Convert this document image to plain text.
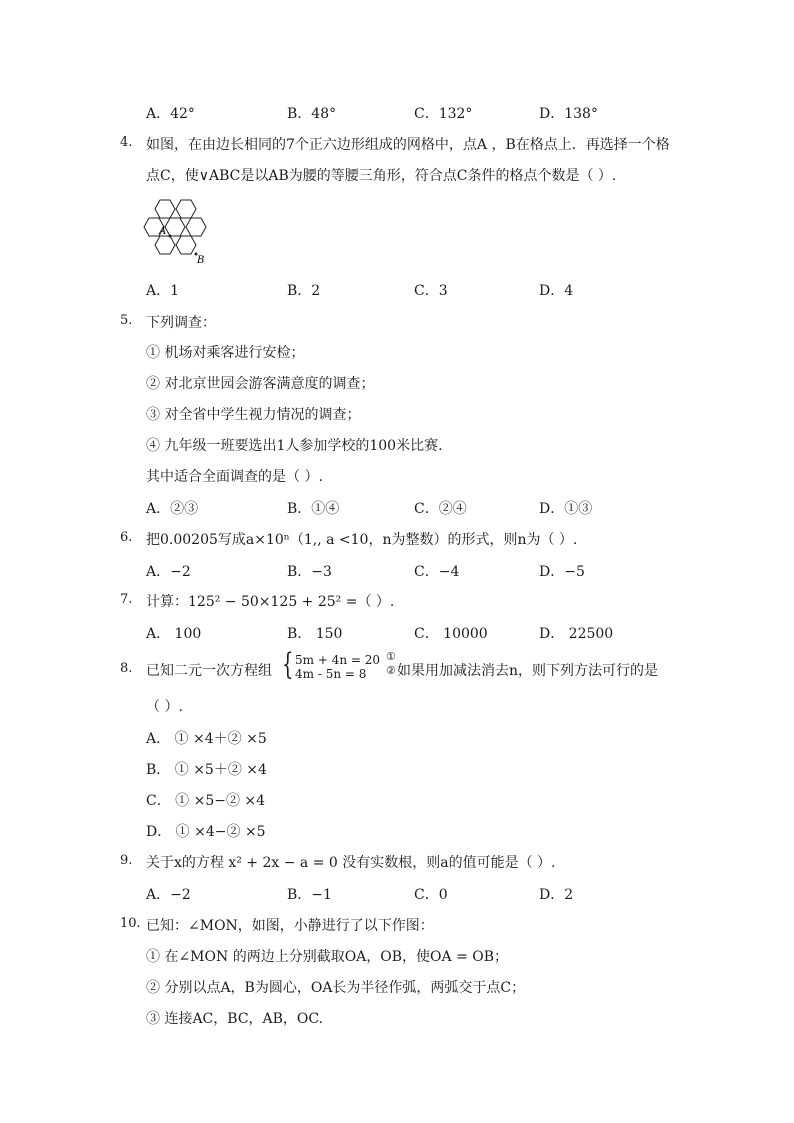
A．42°	B．48°	C．132°	D．138°
4. 如图，在由边长相同的7个正六边形组成的网格中，点A ，B在格点上．再选择一个格
点C，使∨ABC是以AB为腰的等腰三角形，符合点C条件的格点个数是（ ）.
A
B
A．1	B．2	C．3	D．4
5. 下列调查：
① 机场对乘客进行安检；
② 对北京世园会游客满意度的调查；
③ 对全省中学生视力情况的调查；
④ 九年级一班要选出1人参加学校的100米比赛.
其中适合全面调查的是（ ）.
A．②③	B．①④	C．②④	D．①③
6. 把0.00205写成a×10ⁿ（1,, a <10，n为整数）的形式，则n为（ ）.
A．−2	B．−3	C．−4	D．−5
7. 计算：125² − 50×125 + 25² =（ ）.
A． 100	B． 150	C． 10000	D． 22500
8. 已知二元一次方程组 { 5m + 4n = 20
4m - 5n = 8
①
② 如果用加减法消去n，则下列方法可行的是
（ ）.
A． ① ×4＋② ×5
B． ① ×5＋② ×4
C． ① ×5−② ×4
D． ① ×4−② ×5
9. 关于x的方程 x² + 2x − a = 0 没有实数根，则a的值可能是（ ）.
A．−2	B．−1	C．0	D．2
10. 已知：∠MON，如图，小静进行了以下作图：
① 在∠MON 的两边上分别截取OA，OB，使OA = OB；
② 分别以点A，B为圆心，OA长为半径作弧，两弧交于点C；
③ 连接AC，BC，AB，OC.
